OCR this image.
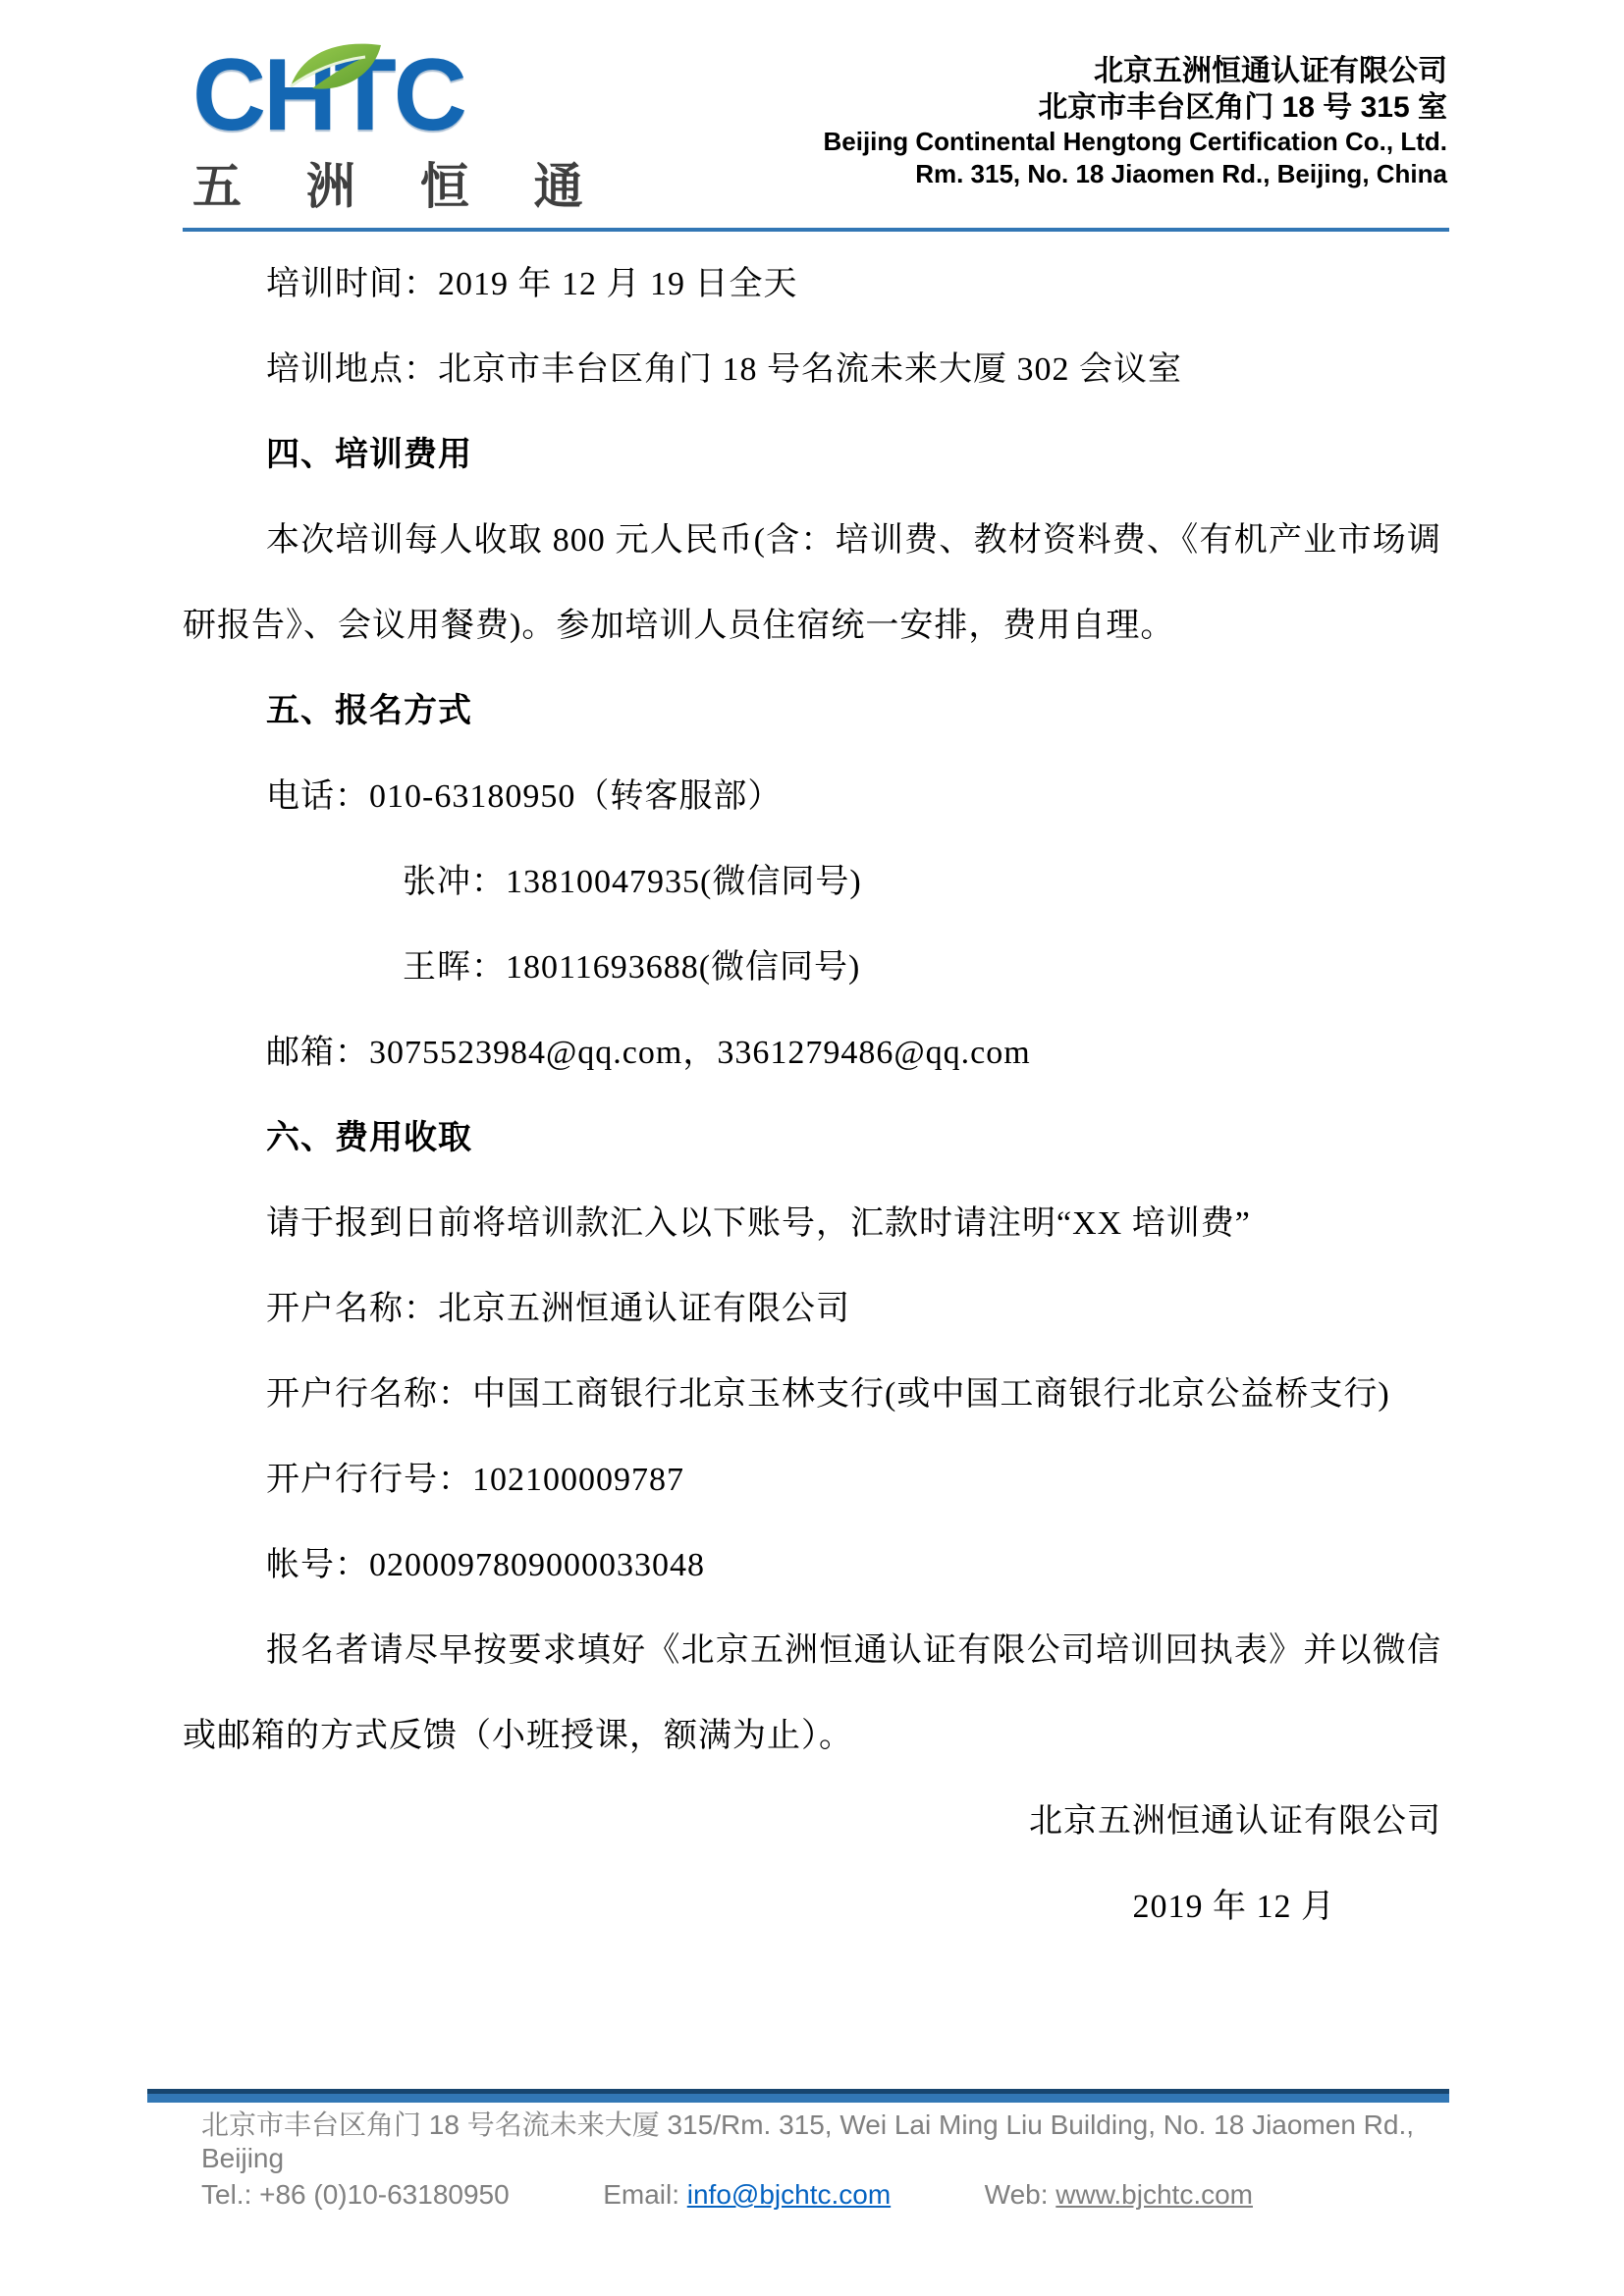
CHTC
五 洲 恒 通
北京五洲恒通认证有限公司
北京市丰台区角门 18 号 315 室
Beijing Continental Hengtong Certification Co., Ltd.
Rm. 315, No. 18 Jiaomen Rd., Beijing, China

培训时间：2019 年 12 月 19 日全天

培训地点：北京市丰台区角门 18 号名流未来大厦 302 会议室

四、培训费用

本次培训每人收取 800 元人民币(含：培训费、教材资料费、《有机产业市场调研报告》、会议用餐费)。参加培训人员住宿统一安排，费用自理。

五、报名方式

电话：010-63180950（转客服部）

张冲：13810047935(微信同号)

王晖：18011693688(微信同号)

邮箱：3075523984@qq.com，3361279486@qq.com

六、费用收取

请于报到日前将培训款汇入以下账号，汇款时请注明“XX 培训费”

开户名称：北京五洲恒通认证有限公司

开户行名称：中国工商银行北京玉林支行(或中国工商银行北京公益桥支行)

开户行行号：102100009787

帐号：0200097809000033048

报名者请尽早按要求填好《北京五洲恒通认证有限公司培训回执表》并以微信或邮箱的方式反馈（小班授课，额满为止）。

北京五洲恒通认证有限公司

2019 年 12 月

北京市丰台区角门 18 号名流未来大厦 315/Rm. 315, Wei Lai Ming Liu Building, No. 18 Jiaomen Rd., Beijing
Tel.: +86 (0)10-63180950	Email: info@bjchtc.com	Web: www.bjchtc.com
